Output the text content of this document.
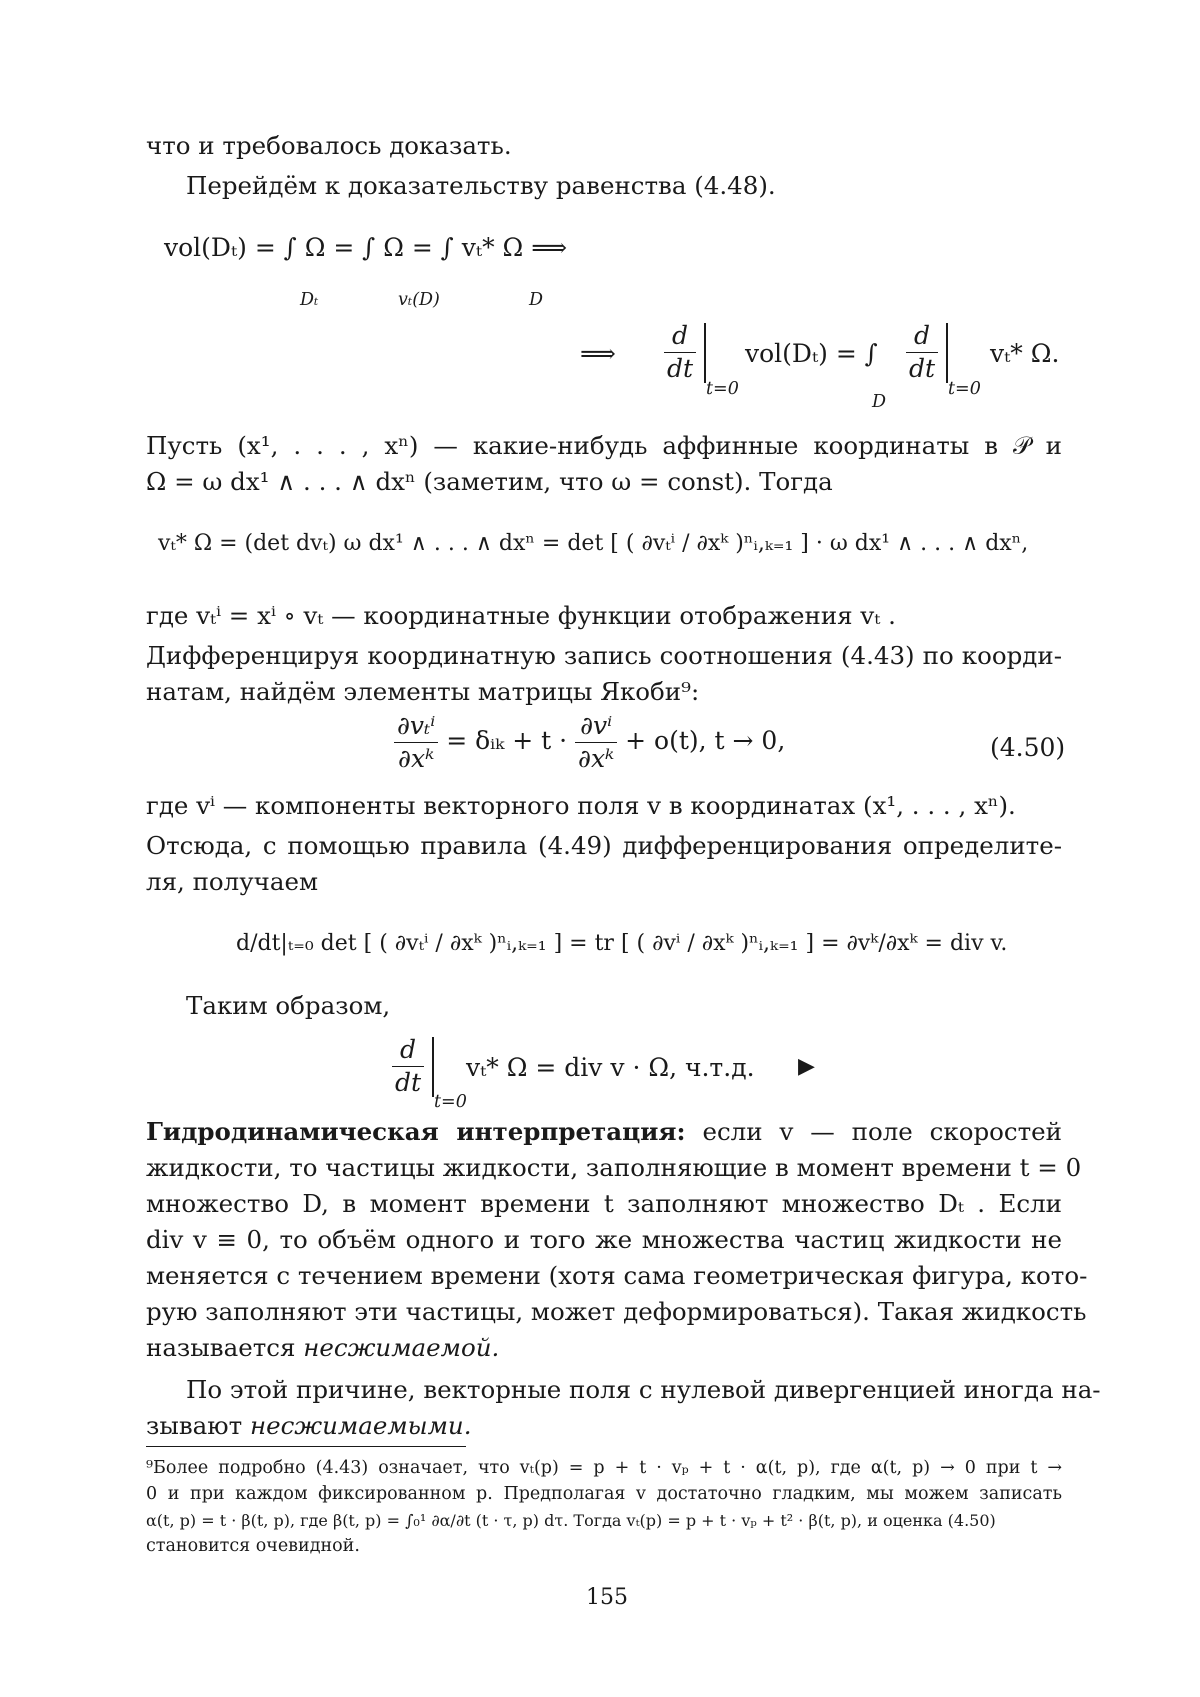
что и требовалось доказать.
Перейдём к доказательству равенства (4.48).
vol(Dₜ) = ∫ Ω = ∫ Ω = ∫ vₜ* Ω ⟹
Dₜ	vₜ(D)	D
⟹ $\frac{d}{dt}$

t=0
vol(Dₜ) = ∫
D
$\frac{d}{dt}$

t=0
vₜ* Ω.
Пусть (x¹, . . . , xⁿ) — какие-нибудь аффинные координаты в 𝒫 и
Ω = ω dx¹ ∧ . . . ∧ dxⁿ (заметим, что ω = const). Тогда
vₜ* Ω = (det dvₜ) ω dx¹ ∧ . . . ∧ dxⁿ = det [ ( ∂vₜⁱ / ∂xᵏ )ⁿᵢ,ₖ₌₁ ] · ω dx¹ ∧ . . . ∧ dxⁿ,
где vₜⁱ = xⁱ ∘ vₜ — координатные функции отображения vₜ .
Дифференцируя координатную запись соотношения (4.43) по коорди-
натам, найдём элементы матрицы Якоби⁹:
$\frac{\text{∂vₜⁱ}}{\text{∂xᵏ}}$ = δᵢₖ + $t \cdot \frac{\text{∂vⁱ}}{\text{∂xᵏ}} + o(t)$, t → 0,	(4.50)
где vⁱ — компоненты векторного поля v в координатах (x¹, . . . , xⁿ).
Отсюда, с помощью правила (4.49) дифференцирования определите-
ля, получаем
d/dt|ₜ₌₀ det [ ( ∂vₜⁱ / ∂xᵏ )ⁿᵢ,ₖ₌₁ ] = tr [ ( ∂vⁱ / ∂xᵏ )ⁿᵢ,ₖ₌₁ ] = ∂vᵏ/∂xᵏ = div v.
Таким образом,
$\frac{d}{dt}$

t=0
vₜ* Ω = div v · Ω, ч.т.д. ▶
Гидродинамическая интерпретация: если v — поле скоростей
жидкости, то частицы жидкости, заполняющие в момент времени t = 0
множество D, в момент времени t заполняют множество Dₜ . Если
div v ≡ 0, то объём одного и того же множества частиц жидкости не
меняется с течением времени (хотя сама геометрическая фигура, кото-
рую заполняют эти частицы, может деформироваться). Такая жидкость
называется несжимаемой.
По этой причине, векторные поля с нулевой дивергенцией иногда на-
зывают несжимаемыми.
⁹Более подробно (4.43) означает, что vₜ(p) = p + t · vₚ + t · α(t, p), где α(t, p) → 0 при t →
0 и при каждом фиксированном p. Предполагая v достаточно гладким, мы можем записать
α(t, p) = t · β(t, p), где β(t, p) = ∫₀¹ ∂α/∂t (t · τ, p) dτ. Тогда vₜ(p) = p + t · vₚ + t² · β(t, p), и оценка (4.50)
становится очевидной.
155
